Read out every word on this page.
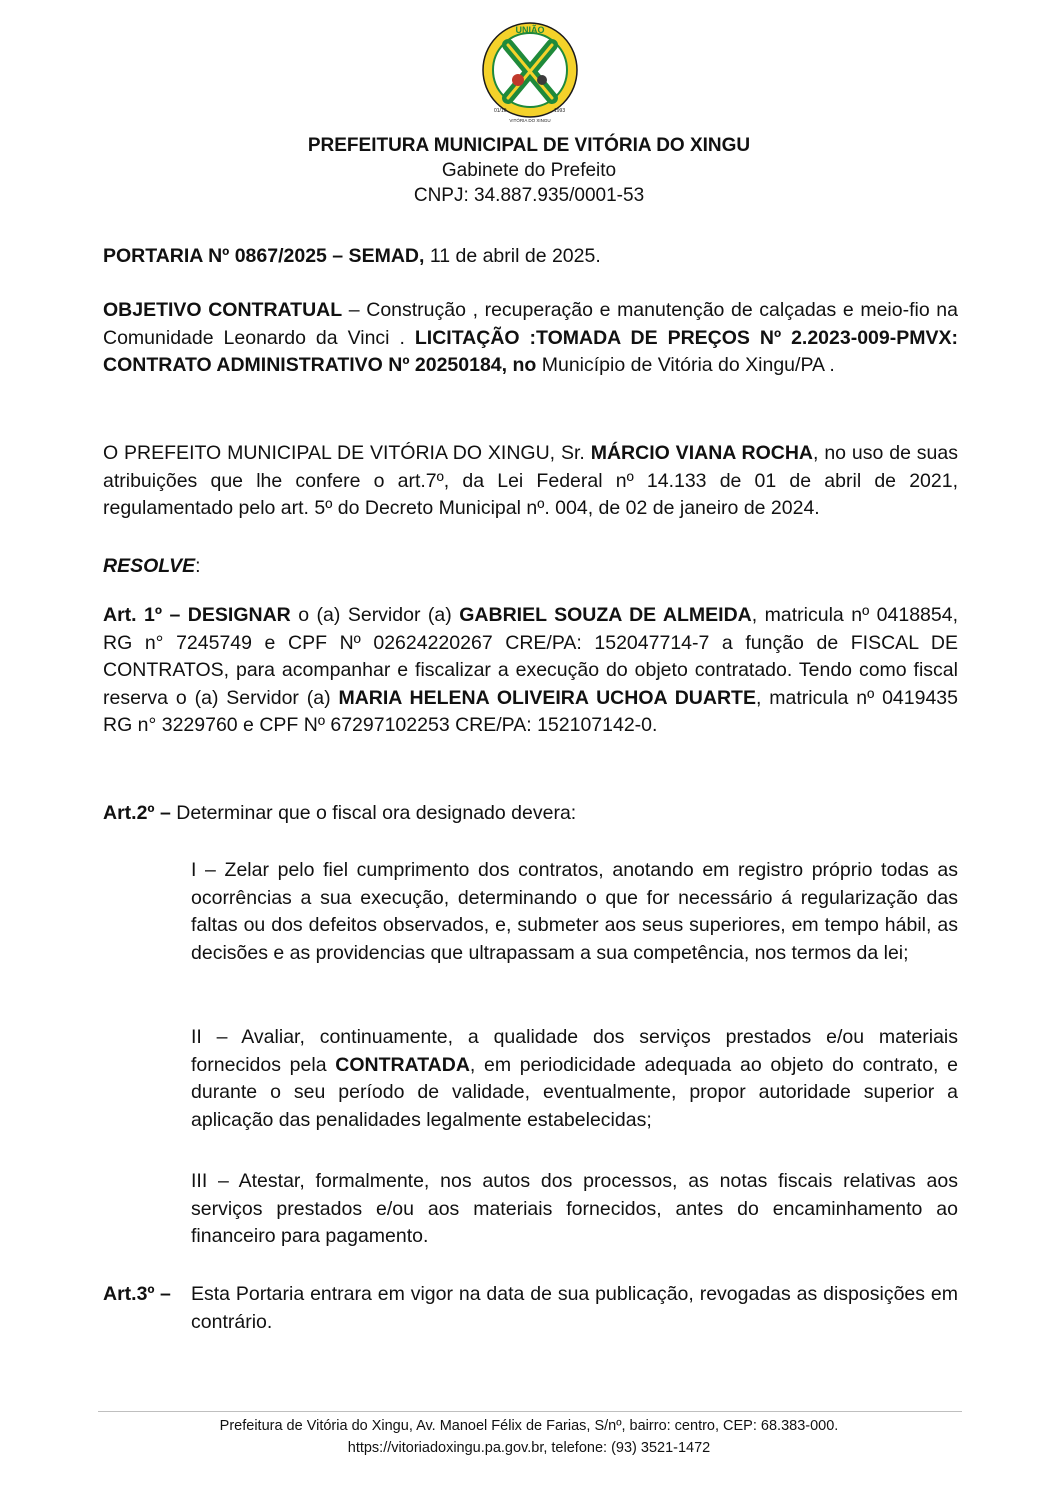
UNIÃO
01/10	1993
VITÓRIA DO XINGU
PREFEITURA MUNICIPAL DE VITÓRIA DO XINGU
Gabinete do Prefeito
CNPJ: 34.887.935/0001-53

PORTARIA Nº 0867/2025 – SEMAD, 11 de abril de 2025.

OBJETIVO CONTRATUAL – Construção , recuperação e manutenção de calçadas e meio-fio na Comunidade Leonardo da Vinci . LICITAÇÃO :TOMADA DE PREÇOS Nº 2.2023-009-PMVX: CONTRATO ADMINISTRATIVO Nº 20250184, no Município de Vitória do Xingu/PA .

O PREFEITO MUNICIPAL DE VITÓRIA DO XINGU, Sr. MÁRCIO VIANA ROCHA, no uso de suas atribuições que lhe confere o art.7º, da Lei Federal nº 14.133 de 01 de abril de 2021, regulamentado pelo art. 5º do Decreto Municipal nº. 004, de 02 de janeiro de 2024.

RESOLVE:

Art. 1º – DESIGNAR o (a) Servidor (a) GABRIEL SOUZA DE ALMEIDA, matricula nº 0418854, RG n° 7245749 e CPF Nº 02624220267 CRE/PA: 152047714-7 a função de FISCAL DE CONTRATOS, para acompanhar e fiscalizar a execução do objeto contratado. Tendo como fiscal reserva o (a) Servidor (a) MARIA HELENA OLIVEIRA UCHOA DUARTE, matricula nº 0419435 RG n° 3229760 e CPF Nº 67297102253 CRE/PA: 152107142-0.

Art.2º – Determinar que o fiscal ora designado devera:

I – Zelar pelo fiel cumprimento dos contratos, anotando em registro próprio todas as ocorrências a sua execução, determinando o que for necessário á regularização das faltas ou dos defeitos observados, e, submeter aos seus superiores, em tempo hábil, as decisões e as providencias que ultrapassam a sua competência, nos termos da lei;

II – Avaliar, continuamente, a qualidade dos serviços prestados e/ou materiais fornecidos pela CONTRATADA, em periodicidade adequada ao objeto do contrato, e durante o seu período de validade, eventualmente, propor autoridade superior a aplicação das penalidades legalmente estabelecidas;

III – Atestar, formalmente, nos autos dos processos, as notas fiscais relativas aos serviços prestados e/ou aos materiais fornecidos, antes do encaminhamento ao financeiro para pagamento.

Art.3º – Esta Portaria entrara em vigor na data de sua publicação, revogadas as disposições em contrário.

Prefeitura de Vitória do Xingu, Av. Manoel Félix de Farias, S/nº, bairro: centro, CEP: 68.383-000.
https://vitoriadoxingu.pa.gov.br, telefone: (93) 3521-1472
